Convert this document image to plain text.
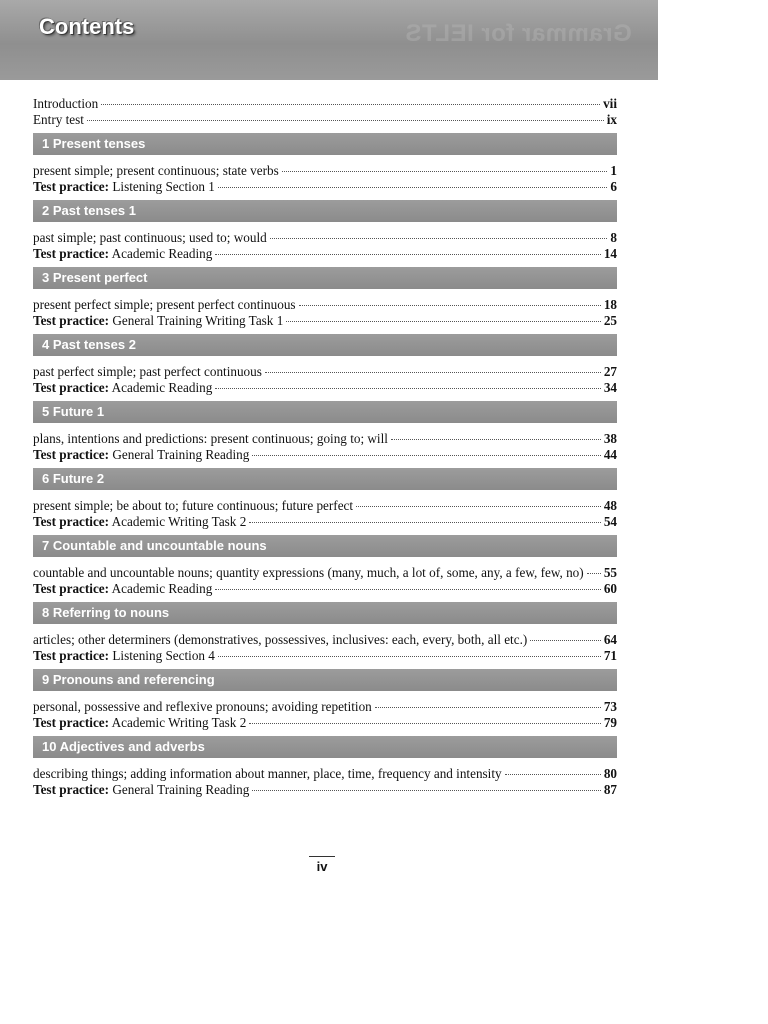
Grammar for IELTS
Contents
Introduction	vii
Entry test	ix
1 Present tenses
present simple; present continuous; state verbs	1
Test practice: Listening Section 1	6
2 Past tenses 1
past simple; past continuous; used to; would	8
Test practice: Academic Reading	14
3 Present perfect
present perfect simple; present perfect continuous	18
Test practice: General Training Writing Task 1	25
4 Past tenses 2
past perfect simple; past perfect continuous	27
Test practice: Academic Reading	34
5 Future 1
plans, intentions and predictions: present continuous; going to; will	38
Test practice: General Training Reading	44
6 Future 2
present simple; be about to; future continuous; future perfect	48
Test practice: Academic Writing Task 2	54
7 Countable and uncountable nouns
countable and uncountable nouns; quantity expressions (many, much, a lot of, some, any, a few, few, no) 55
Test practice: Academic Reading	60
8 Referring to nouns
articles; other determiners (demonstratives, possessives, inclusives: each, every, both, all etc.)	64
Test practice: Listening Section 4	71
9 Pronouns and referencing
personal, possessive and reflexive pronouns; avoiding repetition	73
Test practice: Academic Writing Task 2	79
10 Adjectives and adverbs
describing things; adding information about manner, place, time, frequency and intensity	80
Test practice: General Training Reading	87
iv
